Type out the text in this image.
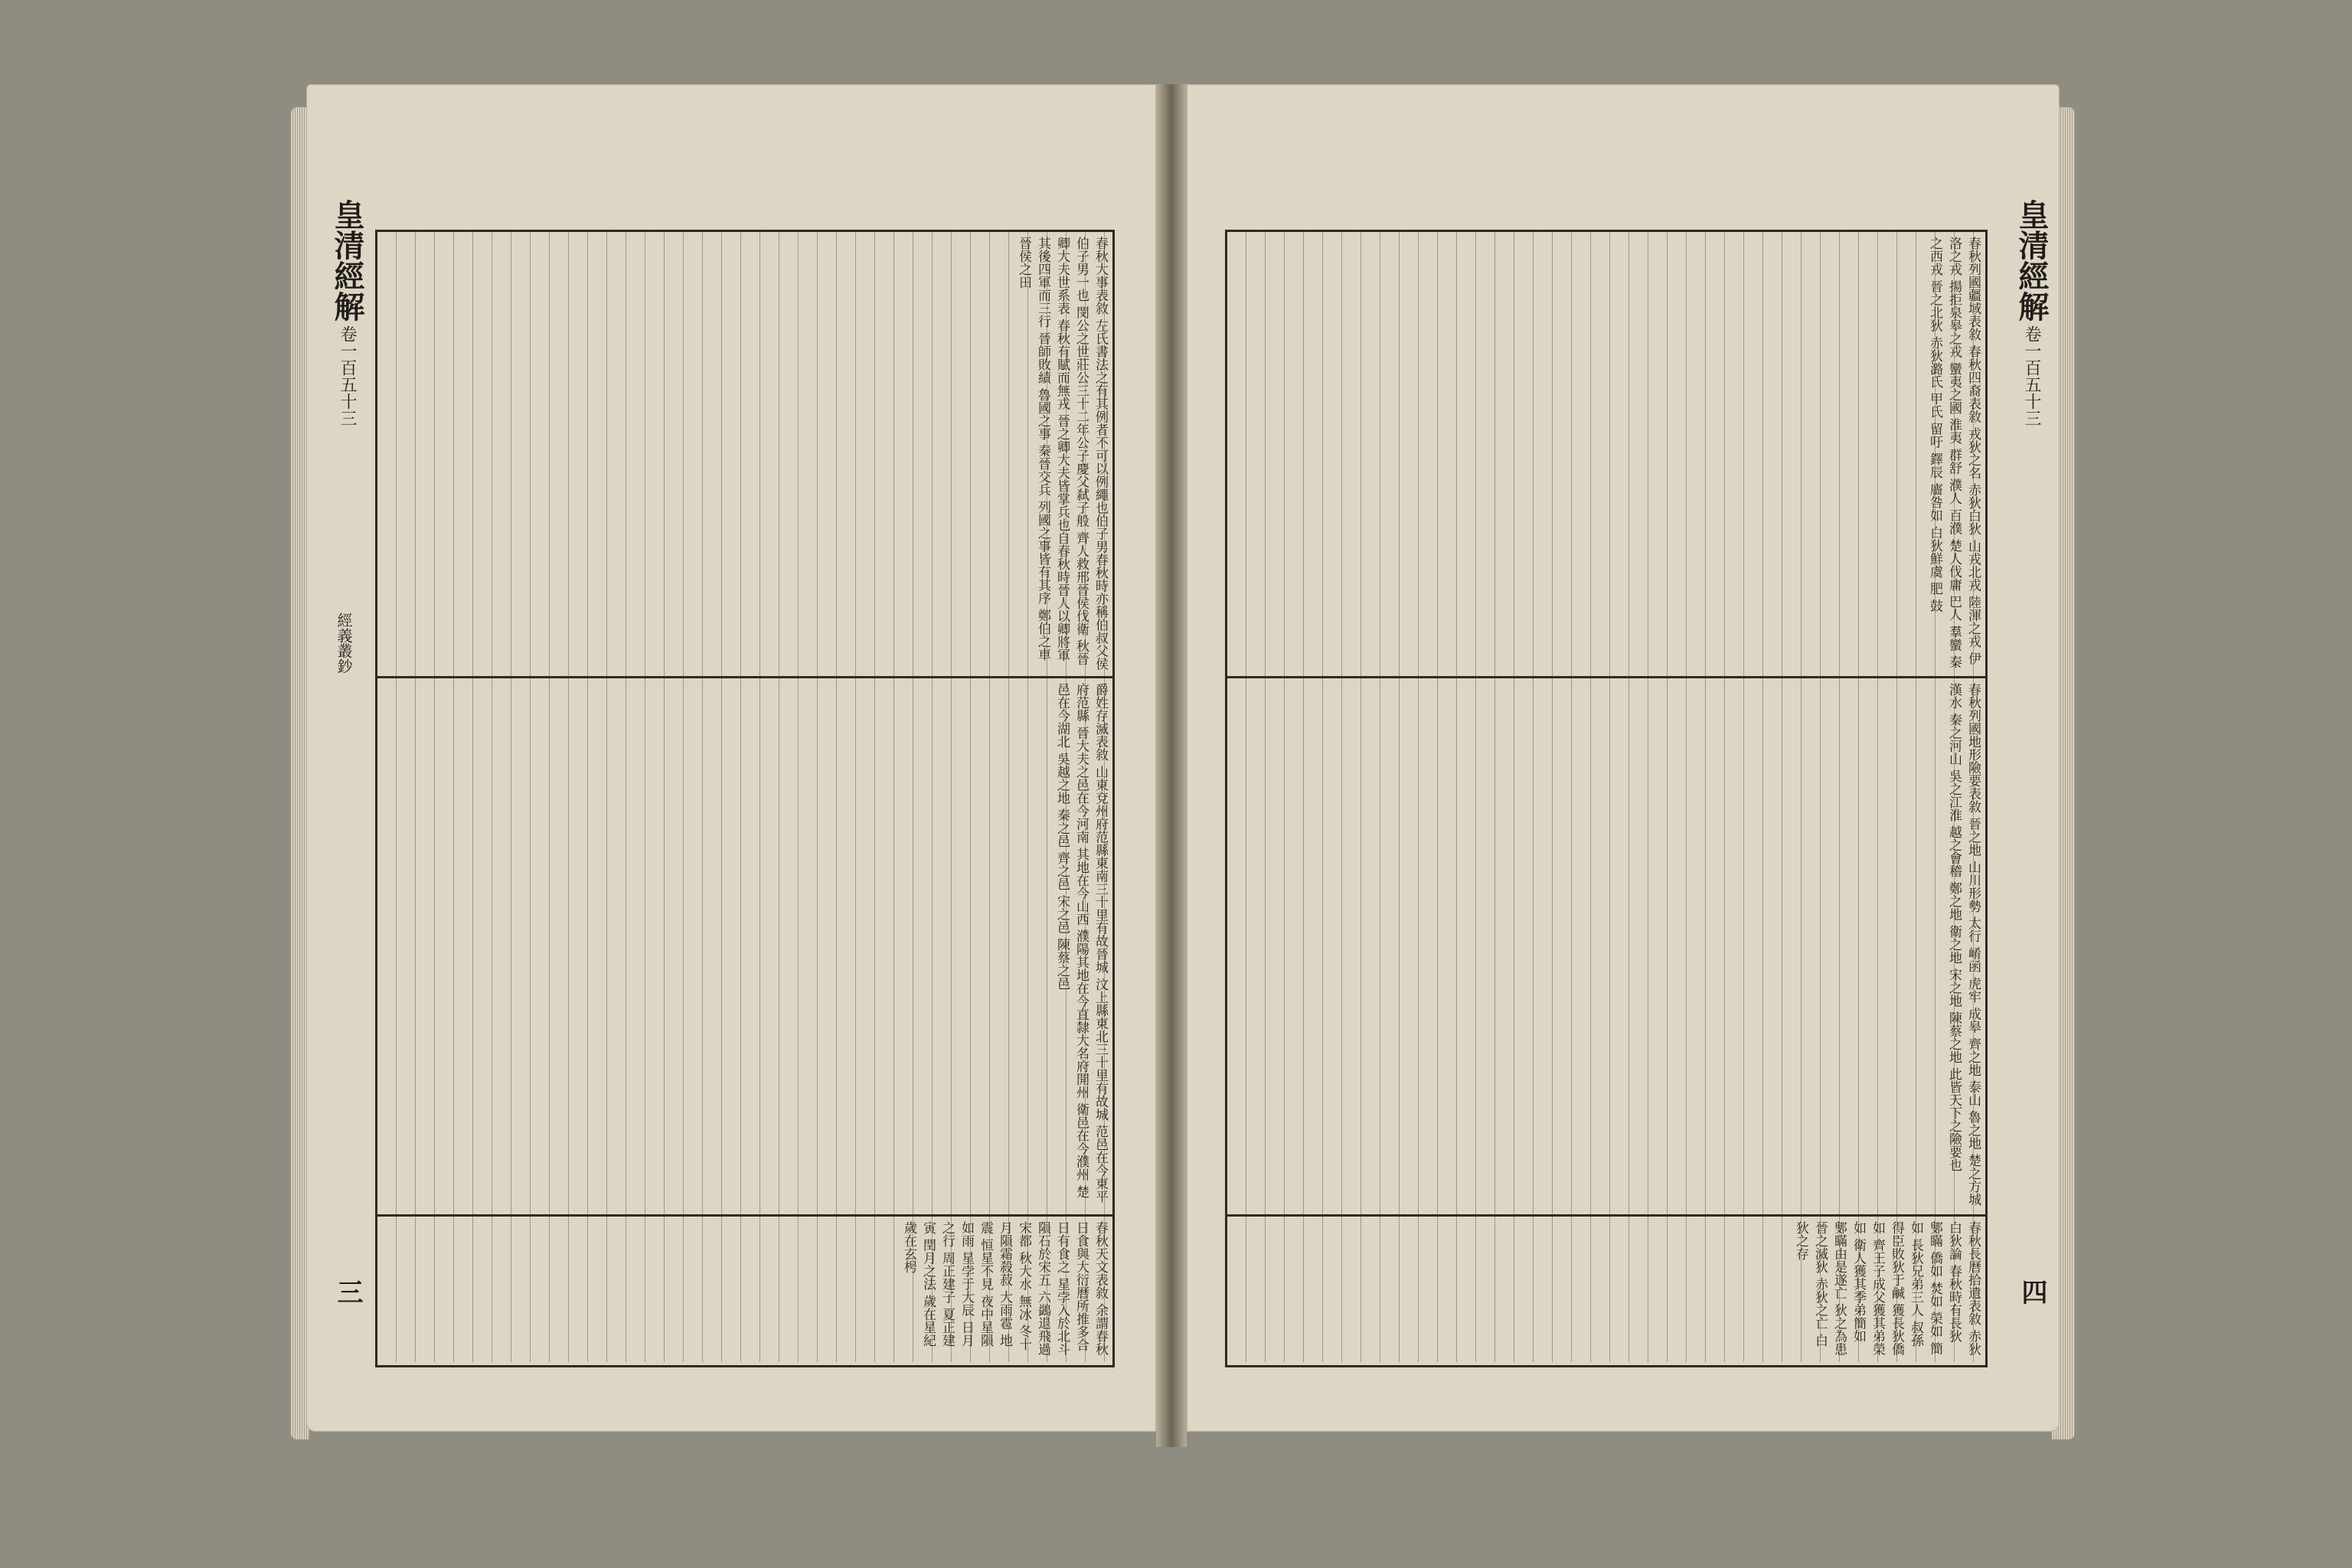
皇清經解 卷一百五十三
三
經義叢鈔	春秋大事表敘 左氏書法之有其例者不可以例繩也伯子男春秋時亦稱伯叔父侯伯子男一也 閔公之世莊公三十二年公子慶父弑子般 齊人救邢晉侯伐衛 秋晉卿大夫世系表 春秋有賦而無戎 晉之卿大夫皆掌兵也自春秋時晉人以卿將軍 其後四軍而三行 晉師敗績 魯國之事 秦晉交兵 列國之事皆有其序 鄭伯之車 晉侯之田
爵姓存滅表敘 山東兗州府范縣東南三十里有故晉城 汶上縣東北三十里有故城 范邑在今東平府范縣 晉大夫之邑在今河南 其地在今山西 濮陽其地在今直隸大名府開州 衛邑在今濮州 楚邑在今湖北 吳越之地 秦之邑 齊之邑 宋之邑 陳蔡之邑
春秋天文表敘 余謂春秋日食與大衍曆所推多合 日有食之 星孛入於北斗 隕石於宋五 六鷁退飛過宋都 秋大水 無冰 冬十月隕霜殺菽 大雨雹 地震 恒星不見 夜中星隕如雨 星孛于大辰 日月之行 周正建子 夏正建寅 閏月之法 歲在星紀 歲在玄枵
春秋列國疆域表敘 春秋四裔表敘 戎狄之名 赤狄白狄 山戎北戎 陸渾之戎 伊洛之戎 揚拒泉皋之戎 蠻夷之國 淮夷 群舒 濮人 百濮 楚人伐庸 巴人 羣蠻 秦之西戎 晉之北狄 赤狄潞氏 甲氏 留吁 鐸辰 廧咎如 白狄鮮虞 肥 鼓
春秋列國地形險要表敘 晉之地 山川形勢 太行 崤函 虎牢 成皋 齊之地 泰山 魯之地 楚之方城 漢水 秦之河山 吳之江淮 越之會稽 鄭之地 衛之地 宋之地 陳蔡之地 此皆天下之險要也
春秋長曆拾遺表敘 赤狄白狄論 春秋時有長狄 鄋瞞 僑如 焚如 榮如 簡如 長狄兄弟三人 叔孫得臣敗狄于鹹 獲長狄僑如 齊王子成父獲其弟榮如 衛人獲其季弟簡如 鄋瞞由是遂亡 狄之為患 晉之滅狄 赤狄之亡 白狄之存
皇清經解 卷一百五十三
四
